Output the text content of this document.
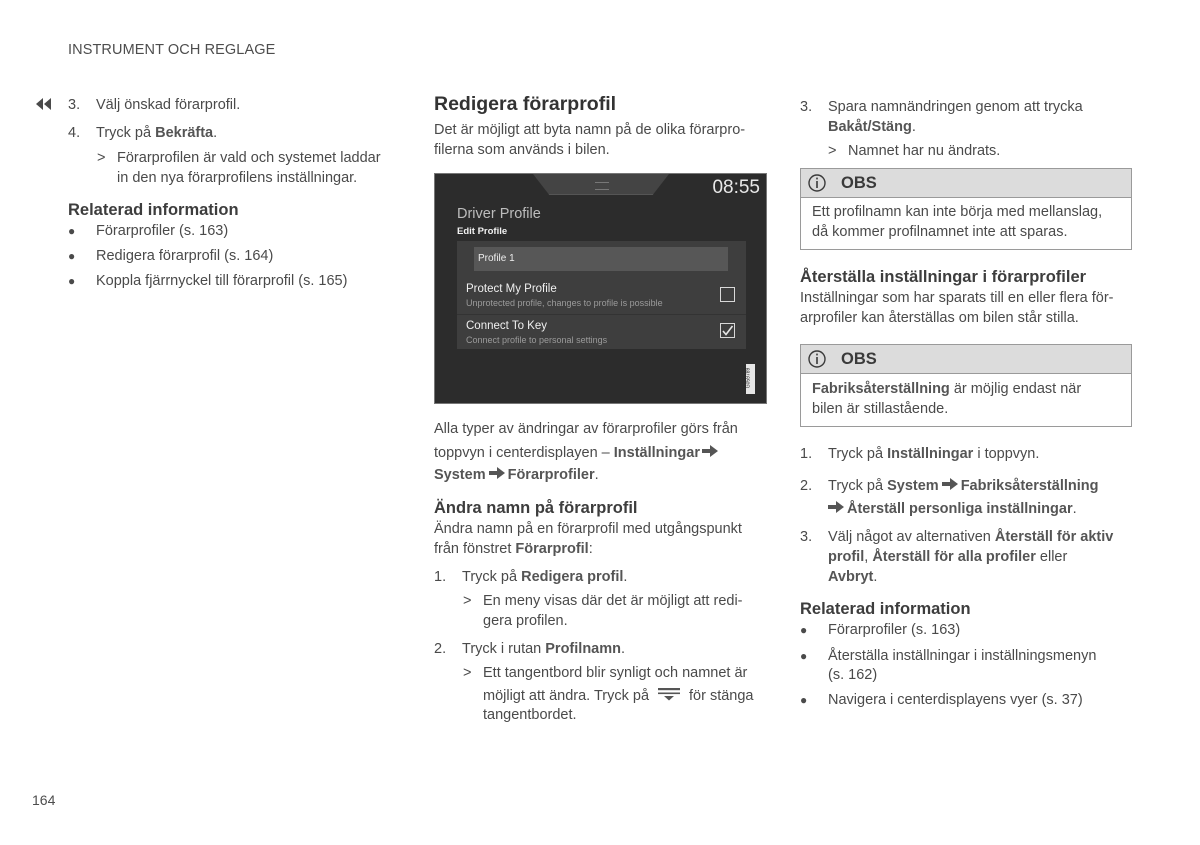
INSTRUMENT OCH REGLAGE
164
3. Välj önskad förarprofil.
4. Tryck på Bekräfta.
> Förarprofilen är vald och systemet laddar
in den nya förarprofilens inställningar.
Relaterad information
● Förarprofiler (s. 163)
● Redigera förarprofil (s. 164)
● Koppla fjärrnyckel till förarprofil (s. 165)
Redigera förarprofil
Det är möjligt att byta namn på de olika förarpro-
filerna som används i bilen.
08:55
Driver Profile
Edit Profile
Profile 1
Protect My Profile
Unprotected profile, changes to profile is possible
Connect To Key
Connect profile to personal settings
G059789
Alla typer av ändringar av förarprofiler görs från
toppvyn i centerdisplayen – Inställningar
System Förarprofiler.
Ändra namn på förarprofil
Ändra namn på en förarprofil med utgångspunkt
från fönstret Förarprofil:
1. Tryck på Redigera profil.
> En meny visas där det är möjligt att redi-
gera profilen.
2. Tryck i rutan Profilnamn.
> Ett tangentbord blir synligt och namnet är
möjligt att ändra. Tryck på	för stänga
tangentbordet.
3. Spara namnändringen genom att trycka
Bakåt/Stäng.
> Namnet har nu ändrats.
OBS
Ett profilnamn kan inte börja med mellanslag,
då kommer profilnamnet inte att sparas.
Återställa inställningar i förarprofiler
Inställningar som har sparats till en eller flera för-
arprofiler kan återställas om bilen står stilla.
OBS
Fabriksåterställning är möjlig endast när
bilen är stillastående.
1. Tryck på Inställningar i toppvyn.
2. Tryck på System Fabriksåterställning
Återställ personliga inställningar.
3. Välj något av alternativen Återställ för aktiv
profil, Återställ för alla profiler eller
Avbryt.
Relaterad information
● Förarprofiler (s. 163)
● Återställa inställningar i inställningsmenyn
(s. 162)
● Navigera i centerdisplayens vyer (s. 37)
